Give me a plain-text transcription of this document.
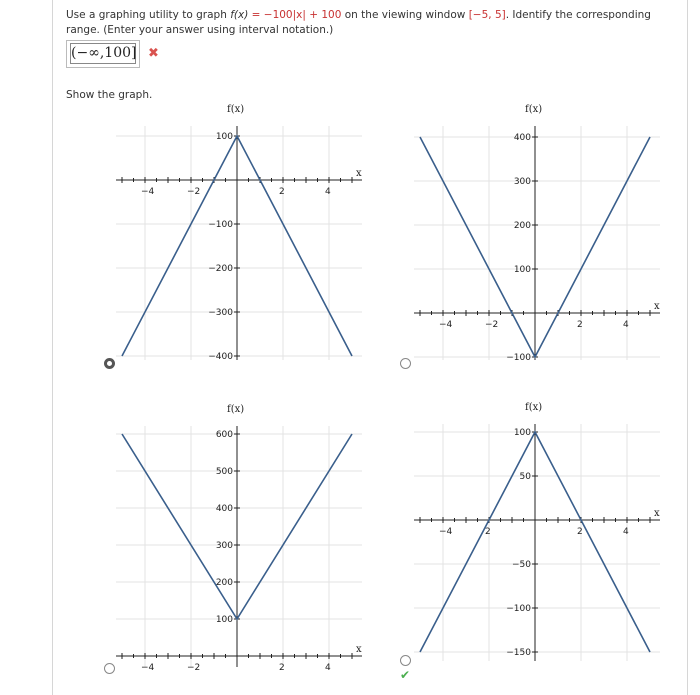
Use a graphing utility to graph f(x) = −100|x| + 100 on the viewing window [−5, 5]. Identify the corresponding range. (Enter your answer using interval notation.)
(−∞,100] ✖
Show the graph.
f(x)
x
−4	−2	2	4
100
−100
−200
−300
−400
f(x)
x
−4	−2	2	4
400
300
200
100
−100
f(x)
x
−4	−2	2	4
600
500
400
300
200
100
f(x)
x
−4	2	2	4
100
50
−50
−100
−150
✔
